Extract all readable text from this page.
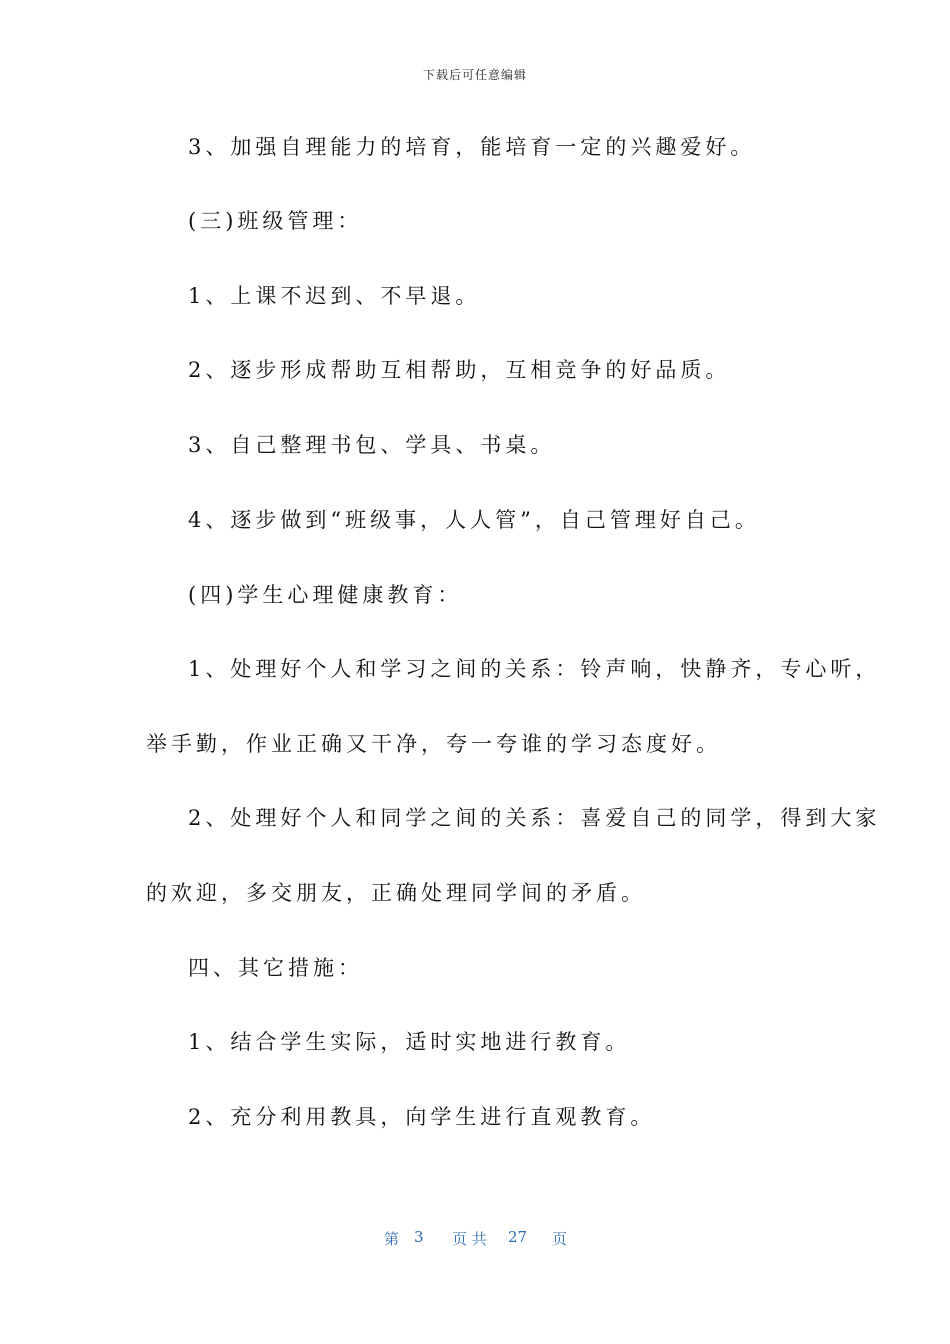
下载后可任意编辑
3、加强自理能力的培育，能培育一定的兴趣爱好。
(三)班级管理：
1、上课不迟到、不早退。
2、逐步形成帮助互相帮助，互相竞争的好品质。
3、自己整理书包、学具、书桌。
4、逐步做到“班级事，人人管”，自己管理好自己。
(四)学生心理健康教育：
1、处理好个人和学习之间的关系：铃声响，快静齐，专心听，
举手勤，作业正确又干净，夸一夸谁的学习态度好。
2、处理好个人和同学之间的关系：喜爱自己的同学，得到大家
的欢迎，多交朋友，正确处理同学间的矛盾。
四、其它措施：
1、结合学生实际，适时实地进行教育。
2、充分利用教具，向学生进行直观教育。
第 3 页 共 27 页
